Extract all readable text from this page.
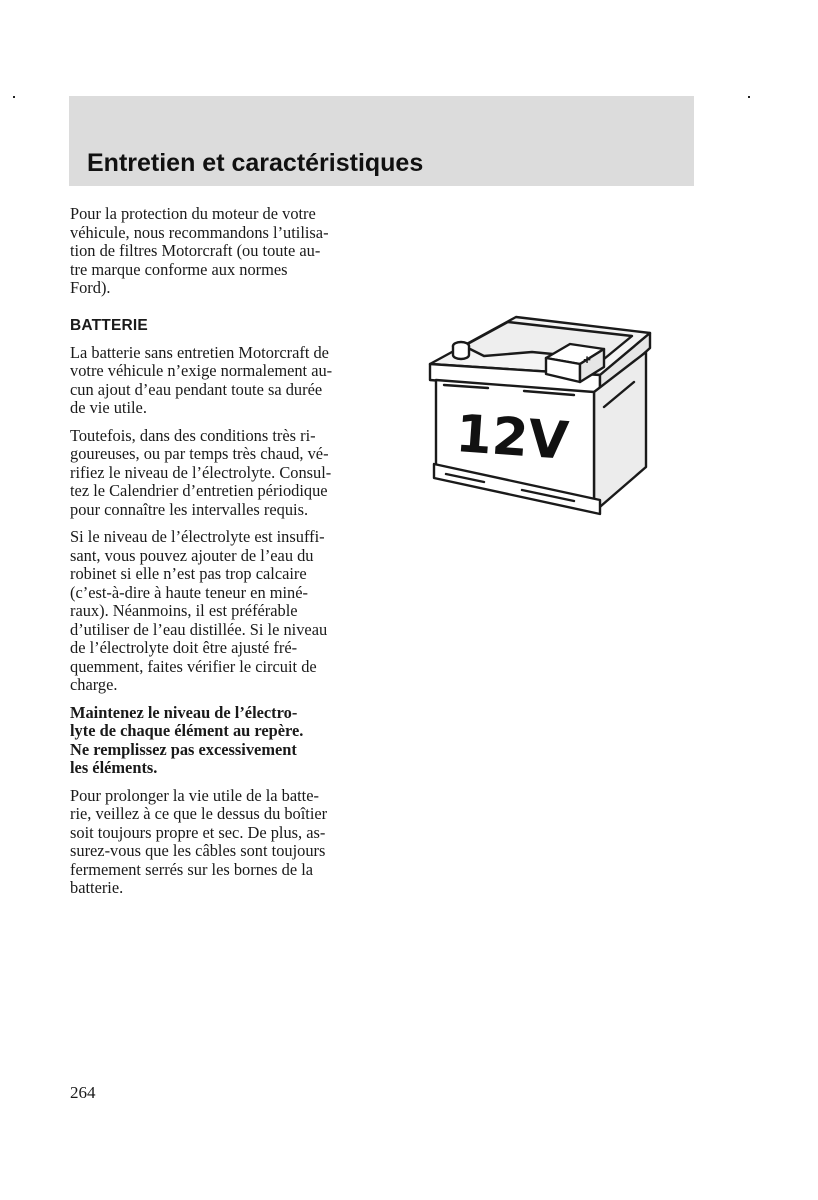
Entretien et caractéristiques

Pour la protection du moteur de votre
véhicule, nous recommandons l’utilisa-
tion de filtres Motorcraft (ou toute au-
tre marque conforme aux normes
Ford).

BATTERIE

La batterie sans entretien Motorcraft de
votre véhicule n’exige normalement au-
cun ajout d’eau pendant toute sa durée
de vie utile.

Toutefois, dans des conditions très ri-
goureuses, ou par temps très chaud, vé-
rifiez le niveau de l’électrolyte. Consul-
tez le Calendrier d’entretien périodique
pour connaître les intervalles requis.

Si le niveau de l’électrolyte est insuffi-
sant, vous pouvez ajouter de l’eau du
robinet si elle n’est pas trop calcaire
(c’est-à-dire à haute teneur en miné-
raux). Néanmoins, il est préférable
d’utiliser de l’eau distillée. Si le niveau
de l’électrolyte doit être ajusté fré-
quemment, faites vérifier le circuit de
charge.

Maintenez le niveau de l’électro-
lyte de chaque élément au repère.
Ne remplissez pas excessivement
les éléments.

Pour prolonger la vie utile de la batte-
rie, veillez à ce que le dessus du boîtier
soit toujours propre et sec. De plus, as-
surez-vous que les câbles sont toujours
fermement serrés sur les bornes de la
batterie.

+
12V
264
